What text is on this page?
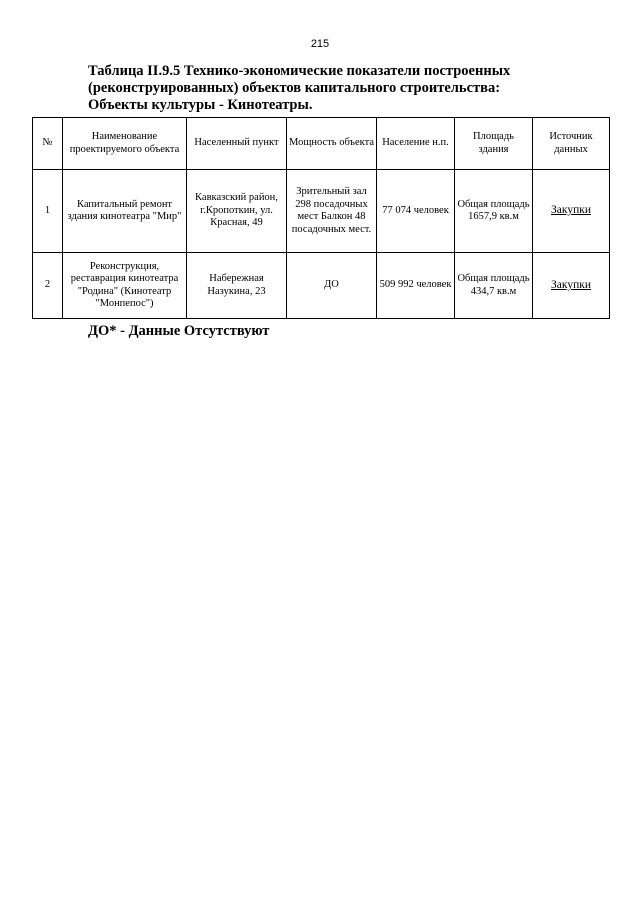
215
Таблица II.9.5 Технико-экономические показатели построенных
(реконструированных) объектов капитального строительства:
Объекты культуры - Кинотеатры.
№	Наименование проектируемого объекта	Населенный пункт	Мощность объекта	Население н.п.	Площадь здания	Источник данных
1	Капитальный ремонт здания кинотеатра "Мир"	Кавказский район, г.Кропоткин, ул. Красная, 49	Зрительный зал 298 посадочных мест Балкон 48 посадочных мест.	77 074 человек	Общая площадь 1657,9 кв.м	Закупки
2	Реконструкция, реставрация кинотеатра "Родина" (Кинотеатр "Монпепос")	Набережная Назукина, 23	ДО	509 992 человек	Общая площадь 434,7 кв.м	Закупки
ДО* - Данные Отсутствуют
